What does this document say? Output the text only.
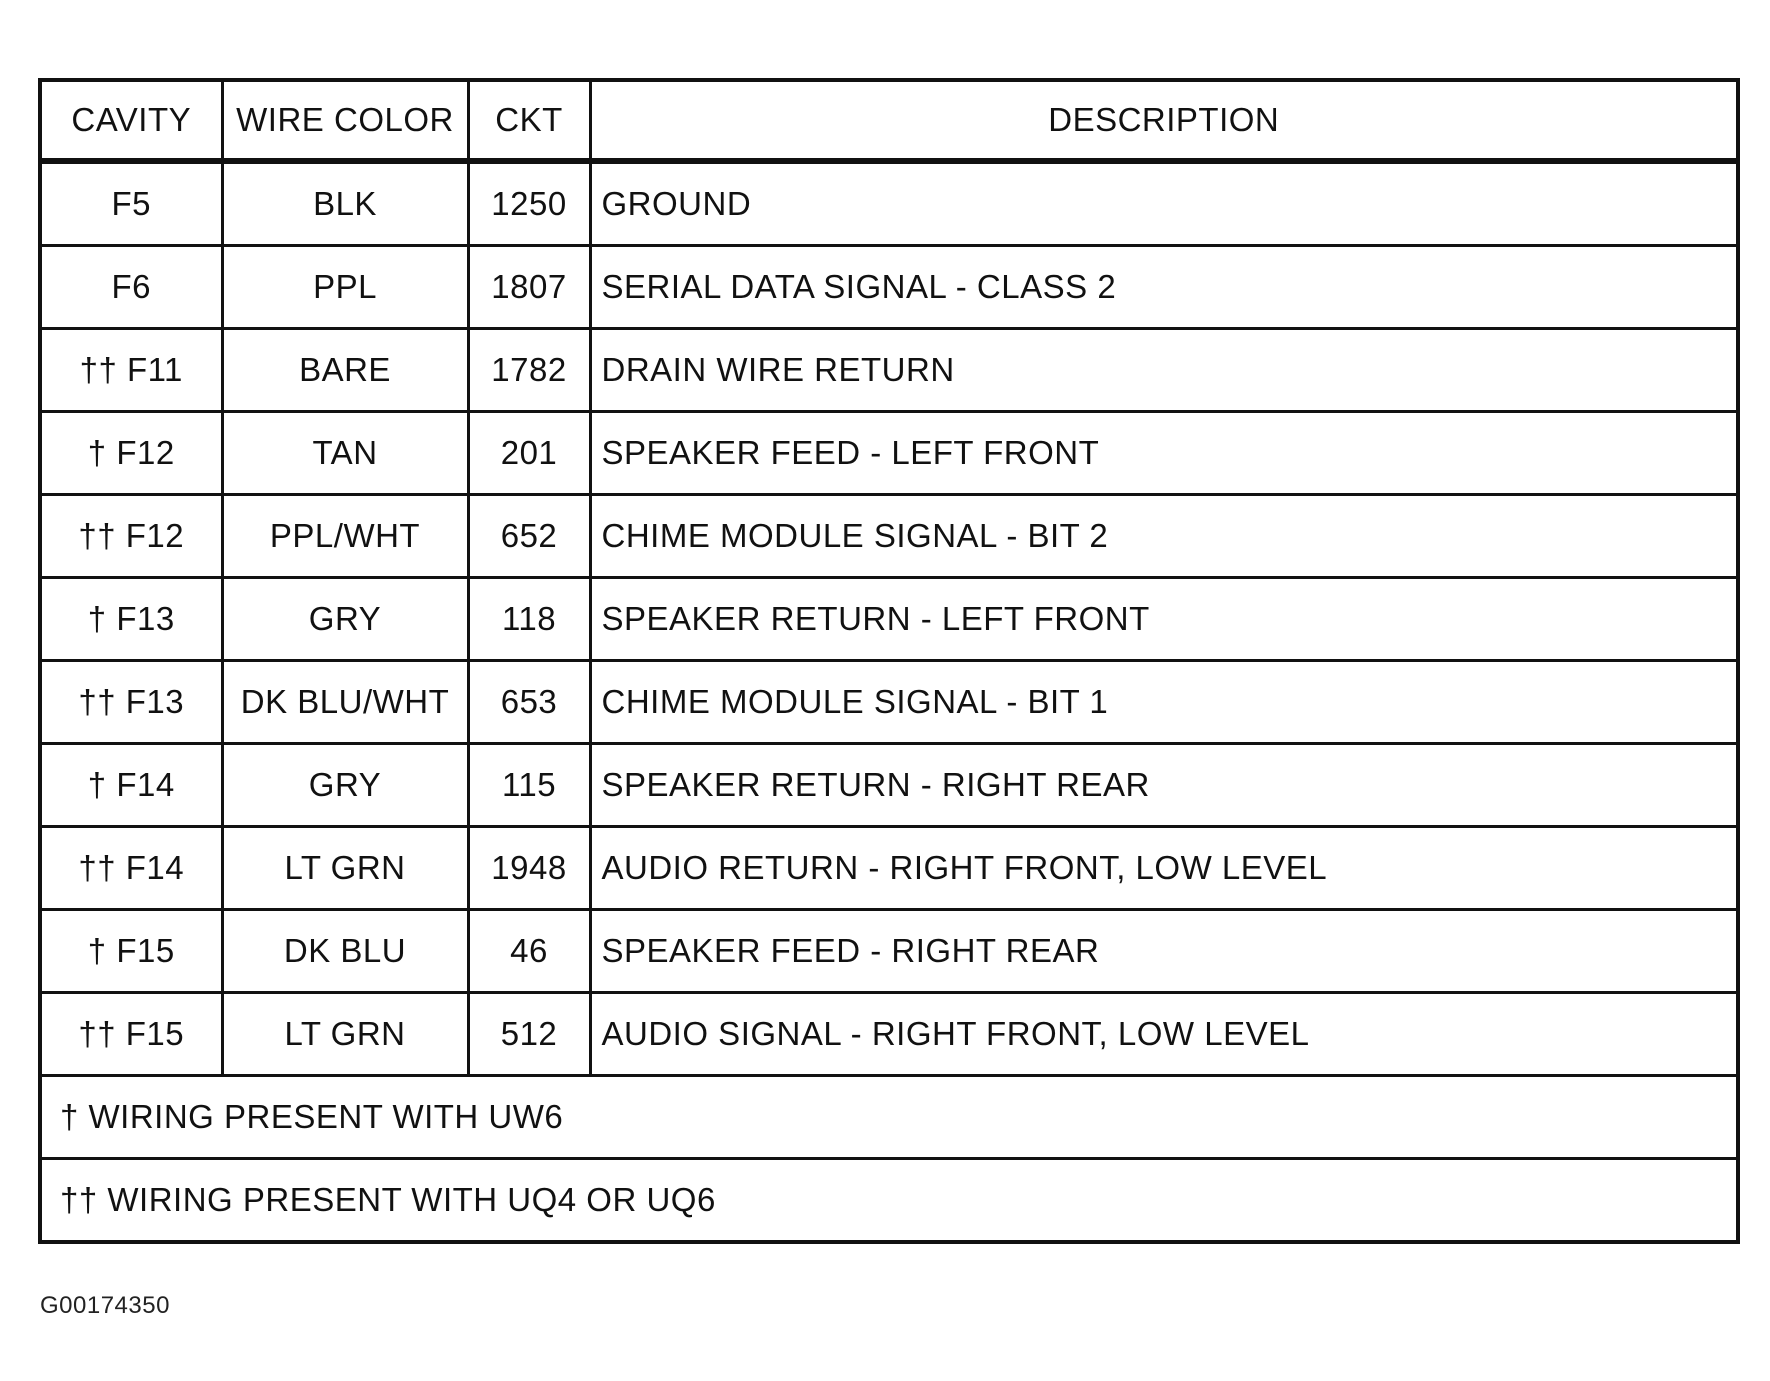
CAVITY	WIRE COLOR	CKT	DESCRIPTION
F5	BLK	1250	GROUND
F6	PPL	1807	SERIAL DATA SIGNAL - CLASS 2
†† F11	BARE	1782	DRAIN WIRE RETURN
† F12	TAN	201	SPEAKER FEED - LEFT FRONT
†† F12	PPL/WHT	652	CHIME MODULE SIGNAL - BIT 2
† F13	GRY	118	SPEAKER RETURN - LEFT FRONT
†† F13	DK BLU/WHT	653	CHIME MODULE SIGNAL - BIT 1
† F14	GRY	115	SPEAKER RETURN - RIGHT REAR
†† F14	LT GRN	1948	AUDIO RETURN - RIGHT FRONT, LOW LEVEL
† F15	DK BLU	46	SPEAKER FEED - RIGHT REAR
†† F15	LT GRN	512	AUDIO SIGNAL - RIGHT FRONT, LOW LEVEL
† WIRING PRESENT WITH UW6			
†† WIRING PRESENT WITH UQ4 OR UQ6			
G00174350
